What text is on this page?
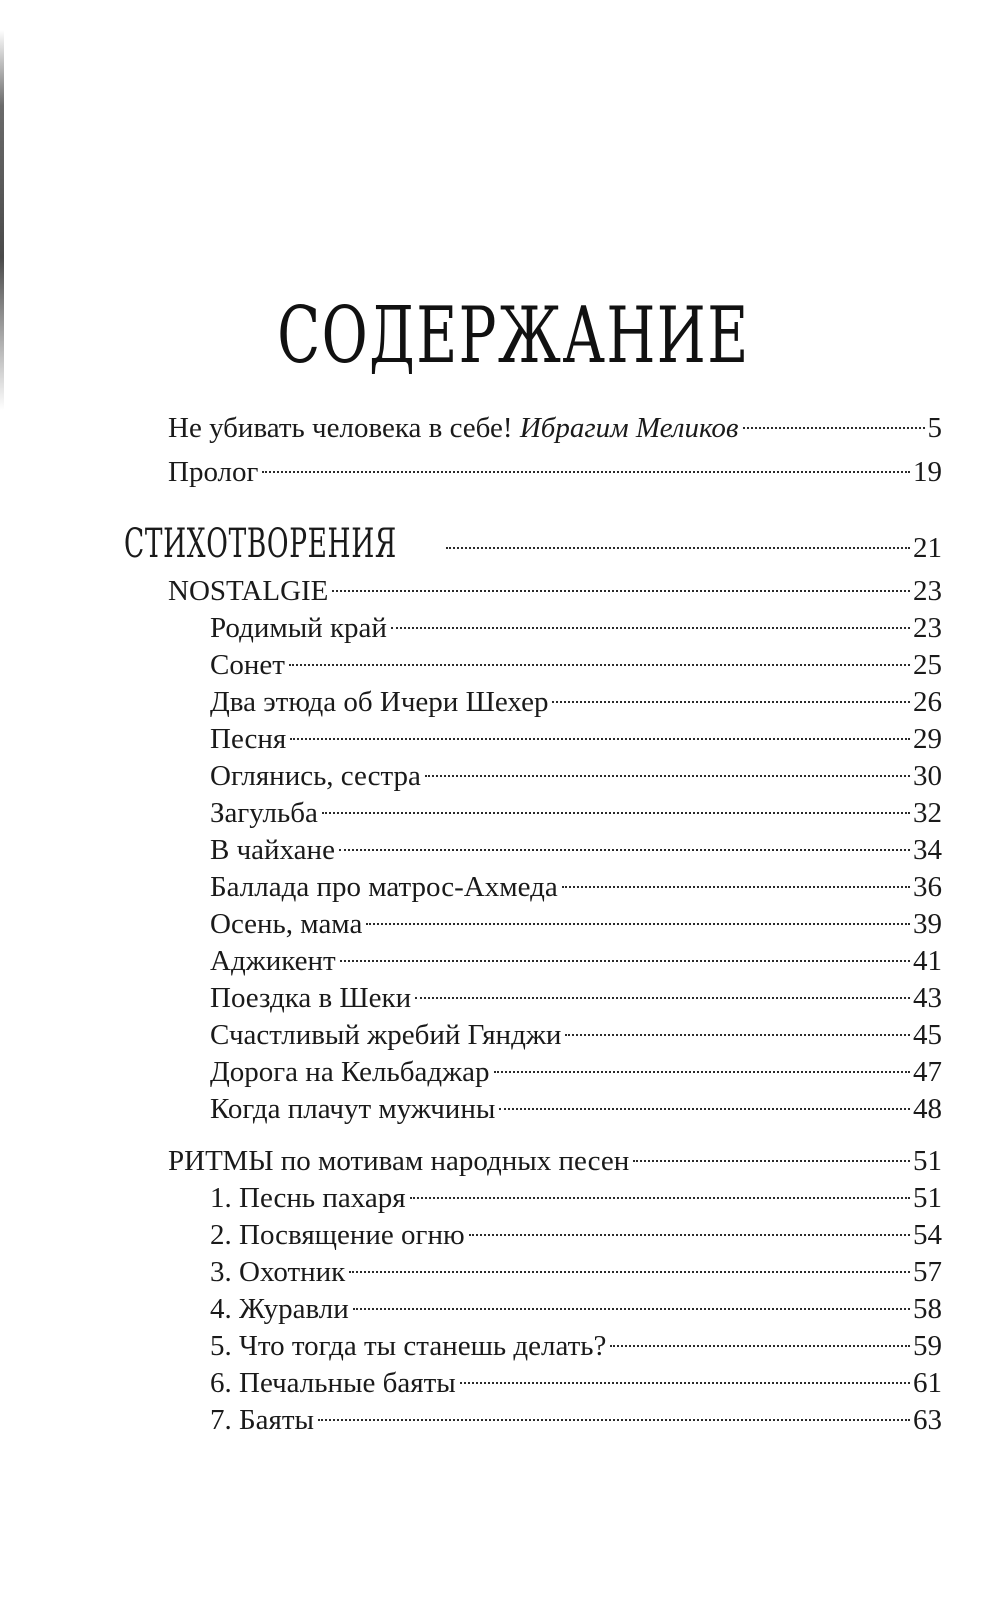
СОДЕРЖАНИЕ
Не убивать человека в себе! Ибрагим Меликов	5
Пролог	19
СТИХОТВОРЕНИЯ	21
NOSTALGIE	23
Родимый край	23
Сонет	25
Два этюда об Ичери Шехер	26
Песня	29
Оглянись, сестра	30
Загульба	32
В чайхане	34
Баллада про матрос-Ахмеда	36
Осень, мама	39
Аджикент	41
Поездка в Шеки	43
Счастливый жребий Гянджи	45
Дорога на Кельбаджар	47
Когда плачут мужчины	48
РИТМЫ по мотивам народных песен	51
1. Песнь пахаря	51
2. Посвящение огню	54
3. Охотник	57
4. Журавли	58
5. Что тогда ты станешь делать?	59
6. Печальные баяты	61
7. Баяты	63
